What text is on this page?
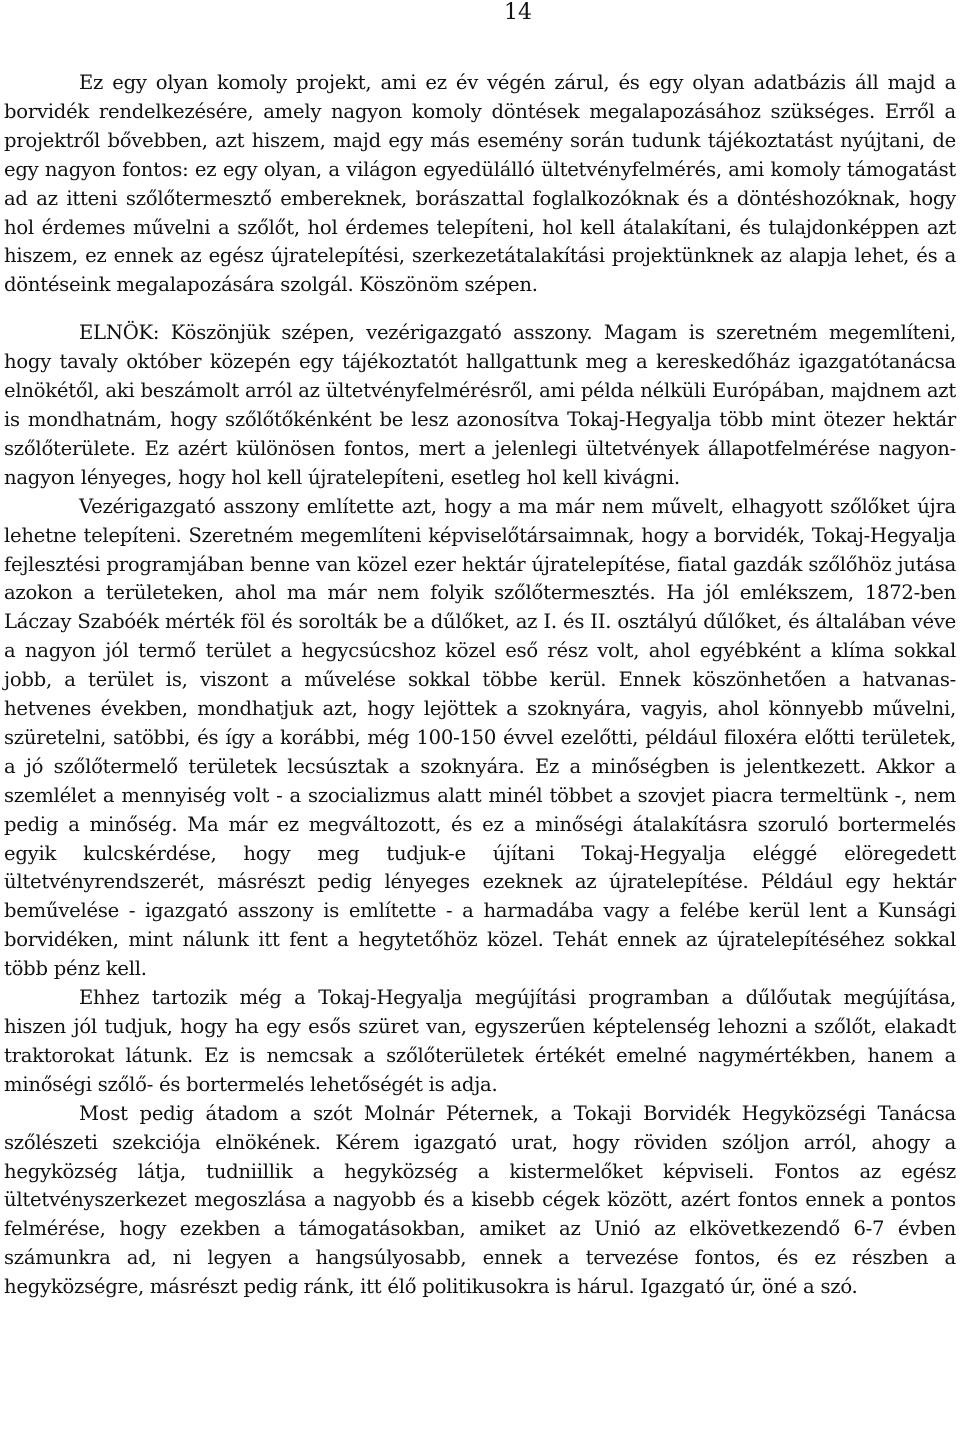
14

Ez egy olyan komoly projekt, ami ez év végén zárul, és egy olyan adatbázis áll majd a borvidék rendelkezésére, amely nagyon komoly döntések megalapozásához szükséges. Erről a projektről bővebben, azt hiszem, majd egy más esemény során tudunk tájékoztatást nyújtani, de egy nagyon fontos: ez egy olyan, a világon egyedülálló ültetvényfelmérés, ami komoly támogatást ad az itteni szőlőtermesztő embereknek, borászattal foglalkozóknak és a döntéshozóknak, hogy hol érdemes művelni a szőlőt, hol érdemes telepíteni, hol kell átalakítani, és tulajdonképpen azt hiszem, ez ennek az egész újratelepítési, szerkezetátalakítási projektünknek az alapja lehet, és a döntéseink megalapozására szolgál. Köszönöm szépen.

ELNÖK: Köszönjük szépen, vezérigazgató asszony. Magam is szeretném megemlíteni, hogy tavaly október közepén egy tájékoztatót hallgattunk meg a kereskedőház igazgatótanácsa elnökétől, aki beszámolt arról az ültetvényfelmérésről, ami példa nélküli Európában, majdnem azt is mondhatnám, hogy szőlőtőkénként be lesz azonosítva Tokaj-Hegyalja több mint ötezer hektár szőlőterülete. Ez azért különösen fontos, mert a jelenlegi ültetvények állapotfelmérése nagyon-nagyon lényeges, hogy hol kell újratelepíteni, esetleg hol kell kivágni.

Vezérigazgató asszony említette azt, hogy a ma már nem művelt, elhagyott szőlőket újra lehetne telepíteni. Szeretném megemlíteni képviselőtársaimnak, hogy a borvidék, Tokaj-Hegyalja fejlesztési programjában benne van közel ezer hektár újratelepítése, fiatal gazdák szőlőhöz jutása azokon a területeken, ahol ma már nem folyik szőlőtermesztés. Ha jól emlékszem, 1872-ben Láczay Szabóék mérték föl és sorolták be a dűlőket, az I. és II. osztályú dűlőket, és általában véve a nagyon jól termő terület a hegycsúcshoz közel eső rész volt, ahol egyébként a klíma sokkal jobb, a terület is, viszont a művelése sokkal többe kerül. Ennek köszönhetően a hatvanas-hetvenes években, mondhatjuk azt, hogy lejöttek a szoknyára, vagyis, ahol könnyebb művelni, szüretelni, satöbbi, és így a korábbi, még 100-150 évvel ezelőtti, például filoxéra előtti területek, a jó szőlőtermelő területek lecsúsztak a szoknyára. Ez a minőségben is jelentkezett. Akkor a szemlélet a mennyiség volt - a szocializmus alatt minél többet a szovjet piacra termeltünk -, nem pedig a minőség. Ma már ez megváltozott, és ez a minőségi átalakításra szoruló bortermelés egyik kulcskérdése, hogy meg tudjuk-e újítani Tokaj-Hegyalja eléggé elöregedett ültetvényrendszerét, másrészt pedig lényeges ezeknek az újratelepítése. Például egy hektár beművelése - igazgató asszony is említette - a harmadába vagy a felébe kerül lent a Kunsági borvidéken, mint nálunk itt fent a hegytetőhöz közel. Tehát ennek az újratelepítéséhez sokkal több pénz kell.

Ehhez tartozik még a Tokaj-Hegyalja megújítási programban a dűlőutak megújítása, hiszen jól tudjuk, hogy ha egy esős szüret van, egyszerűen képtelenség lehozni a szőlőt, elakadt traktorokat látunk. Ez is nemcsak a szőlőterületek értékét emelné nagymértékben, hanem a minőségi szőlő- és bortermelés lehetőségét is adja.

Most pedig átadom a szót Molnár Péternek, a Tokaji Borvidék Hegyközségi Tanácsa szőlészeti szekciója elnökének. Kérem igazgató urat, hogy röviden szóljon arról, ahogy a hegyközség látja, tudniillik a hegyközség a kistermelőket képviseli. Fontos az egész ültetvényszerkezet megoszlása a nagyobb és a kisebb cégek között, azért fontos ennek a pontos felmérése, hogy ezekben a támogatásokban, amiket az Unió az elkövetkezendő 6-7 évben számunkra ad, ni legyen a hangsúlyosabb, ennek a tervezése fontos, és ez részben a hegyközségre, másrészt pedig ránk, itt élő politikusokra is hárul. Igazgató úr, öné a szó.
